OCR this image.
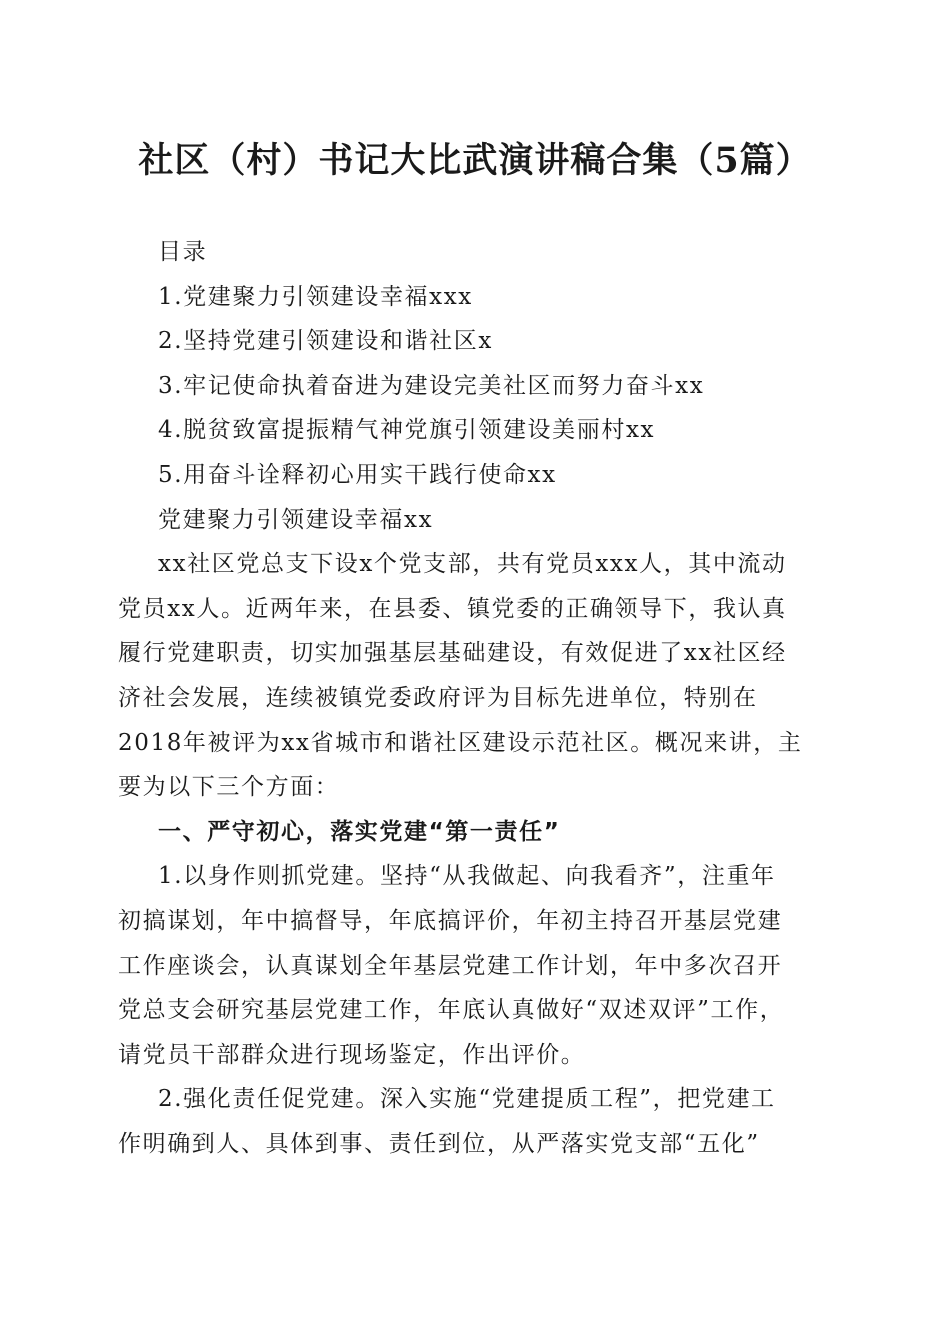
社区（村）书记大比武演讲稿合集（5篇）
目录
1.党建聚力引领建设幸福xxx
2.坚持党建引领建设和谐社区x
3.牢记使命执着奋进为建设完美社区而努力奋斗xx
4.脱贫致富提振精气神党旗引领建设美丽村xx
5.用奋斗诠释初心用实干践行使命xx
党建聚力引领建设幸福xx
xx社区党总支下设x个党支部，共有党员xxx人，其中流动
党员xx人。近两年来，在县委、镇党委的正确领导下，我认真
履行党建职责，切实加强基层基础建设，有效促进了xx社区经
济社会发展，连续被镇党委政府评为目标先进单位，特别在
2018年被评为xx省城市和谐社区建设示范社区。概况来讲，主
要为以下三个方面：
一、严守初心，落实党建“第一责任”
1.以身作则抓党建。坚持“从我做起、向我看齐”，注重年
初搞谋划，年中搞督导，年底搞评价，年初主持召开基层党建
工作座谈会，认真谋划全年基层党建工作计划，年中多次召开
党总支会研究基层党建工作，年底认真做好“双述双评”工作，
请党员干部群众进行现场鉴定，作出评价。
2.强化责任促党建。深入实施“党建提质工程”，把党建工
作明确到人、具体到事、责任到位，从严落实党支部“五化”
